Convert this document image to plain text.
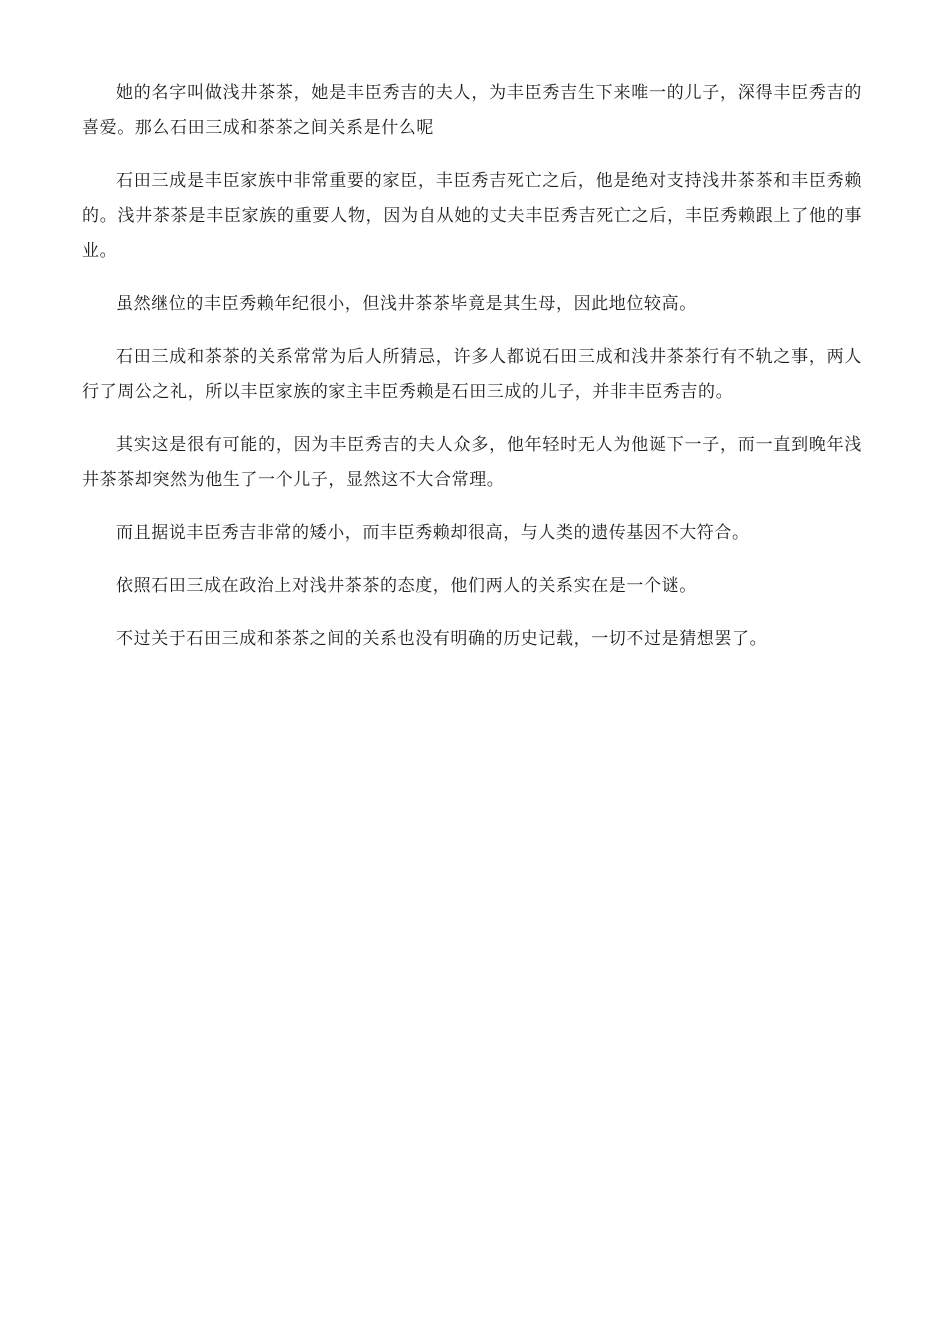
她的名字叫做浅井茶茶，她是丰臣秀吉的夫人，为丰臣秀吉生下来唯一的儿子，深得丰臣秀吉的喜爱。那么石田三成和茶茶之间关系是什么呢

石田三成是丰臣家族中非常重要的家臣，丰臣秀吉死亡之后，他是绝对支持浅井茶茶和丰臣秀赖的。浅井茶茶是丰臣家族的重要人物，因为自从她的丈夫丰臣秀吉死亡之后，丰臣秀赖跟上了他的事业。

虽然继位的丰臣秀赖年纪很小，但浅井茶茶毕竟是其生母，因此地位较高。

石田三成和茶茶的关系常常为后人所猜忌，许多人都说石田三成和浅井茶茶行有不轨之事，两人行了周公之礼，所以丰臣家族的家主丰臣秀赖是石田三成的儿子，并非丰臣秀吉的。

其实这是很有可能的，因为丰臣秀吉的夫人众多，他年轻时无人为他诞下一子，而一直到晚年浅井茶茶却突然为他生了一个儿子，显然这不大合常理。

而且据说丰臣秀吉非常的矮小，而丰臣秀赖却很高，与人类的遗传基因不大符合。

依照石田三成在政治上对浅井茶茶的态度，他们两人的关系实在是一个谜。

不过关于石田三成和茶茶之间的关系也没有明确的历史记载，一切不过是猜想罢了。
